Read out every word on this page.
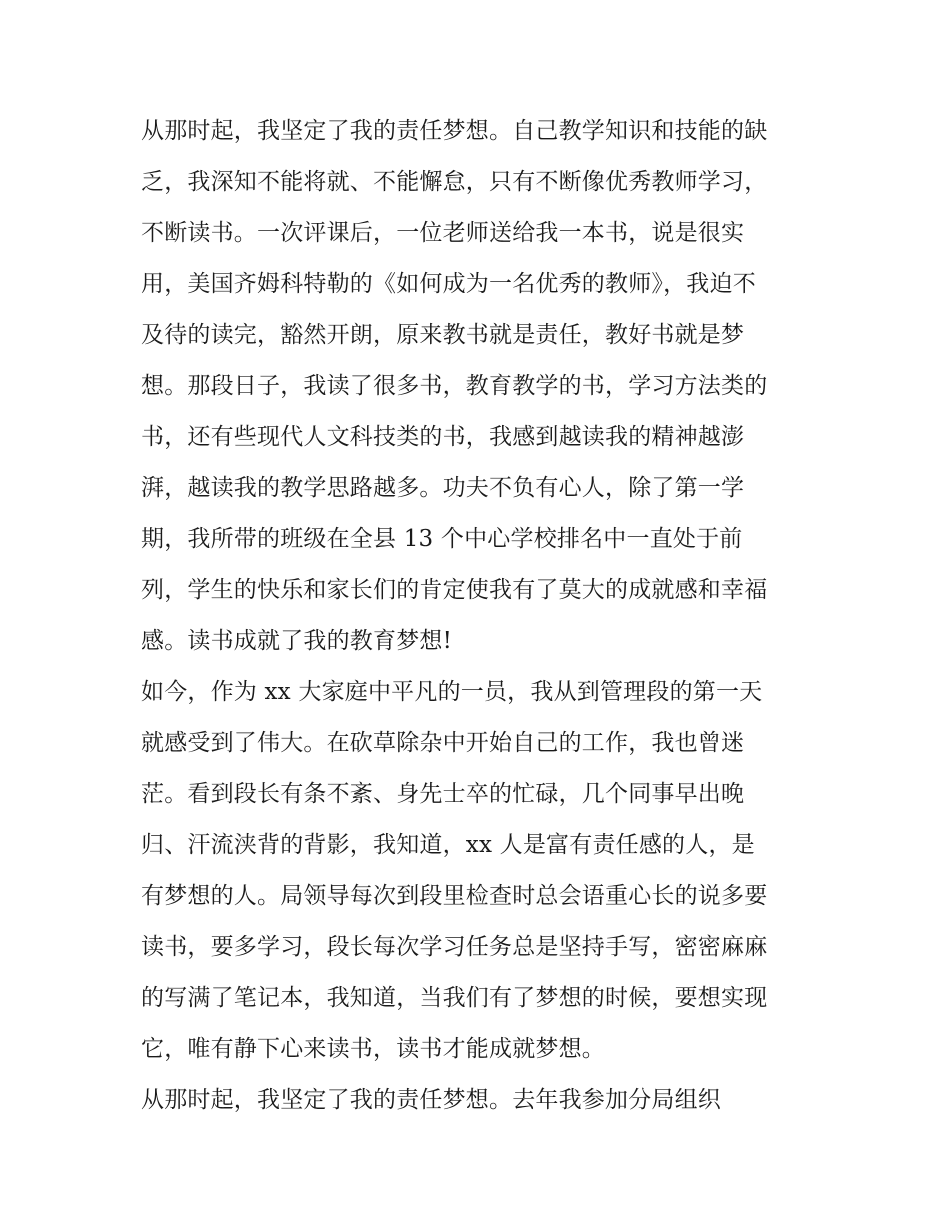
从那时起，我坚定了我的责任梦想。自己教学知识和技能的缺
乏，我深知不能将就、不能懈怠，只有不断像优秀教师学习，
不断读书。一次评课后，一位老师送给我一本书，说是很实
用，美国齐姆科特勒的《如何成为一名优秀的教师》，我迫不
及待的读完，豁然开朗，原来教书就是责任，教好书就是梦
想。那段日子，我读了很多书，教育教学的书，学习方法类的
书，还有些现代人文科技类的书，我感到越读我的精神越澎
湃，越读我的教学思路越多。功夫不负有心人，除了第一学
期，我所带的班级在全县 13 个中心学校排名中一直处于前
列，学生的快乐和家长们的肯定使我有了莫大的成就感和幸福
感。读书成就了我的教育梦想!
如今，作为 xx 大家庭中平凡的一员，我从到管理段的第一天
就感受到了伟大。在砍草除杂中开始自己的工作，我也曾迷
茫。看到段长有条不紊、身先士卒的忙碌，几个同事早出晚
归、汗流浃背的背影，我知道，xx 人是富有责任感的人，是
有梦想的人。局领导每次到段里检查时总会语重心长的说多要
读书，要多学习，段长每次学习任务总是坚持手写，密密麻麻
的写满了笔记本，我知道，当我们有了梦想的时候，要想实现
它，唯有静下心来读书，读书才能成就梦想。
从那时起，我坚定了我的责任梦想。去年我参加分局组织
